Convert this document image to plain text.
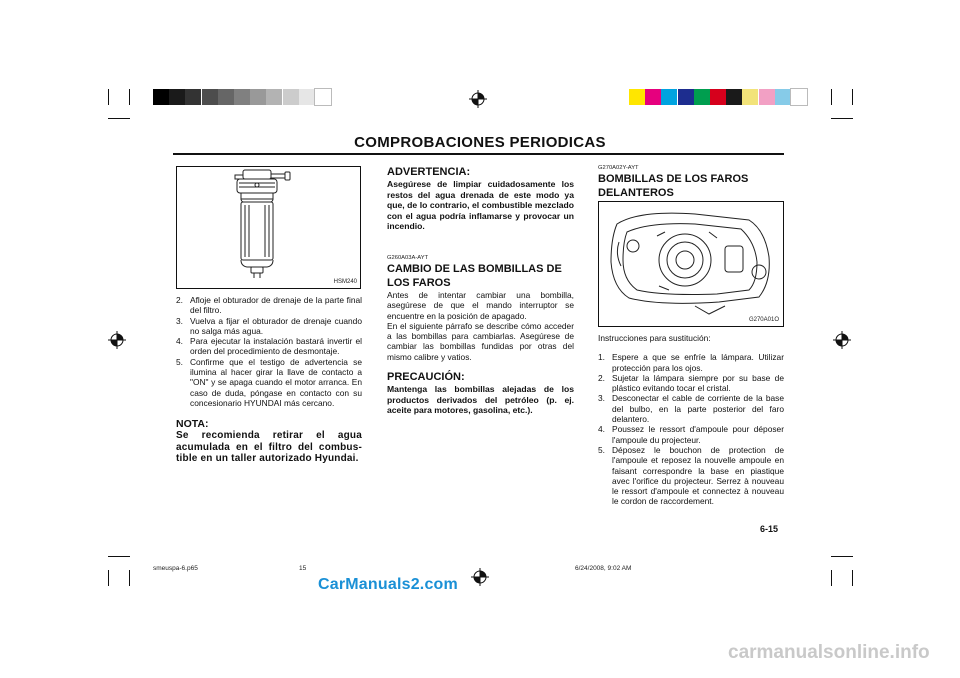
COMPROBACIONES PERIODICAS
HSM240
2. Afloje el obturador de drenaje de la parte final del filtro.
3. Vuelva a fijar el obturador de drenaje cuando no salga más agua.
4. Para ejecutar la instalación bastará invertir el orden del procedimiento de desmontaje.
5. Confirme que el testigo de advertencia se ilumina al hacer girar la llave de contacto a "ON" y se apaga cuando el motor arranca. En caso de duda, póngase en contacto con su concesionario HYUNDAI más cercano.
NOTA:
Se recomienda retirar el agua acumulada en el filtro del combus-tible en un taller autorizado Hyundai.
ADVERTENCIA:
Asegúrese de limpiar cuidadosamente los restos del agua drenada de este modo ya que, de lo contrario, el combustible mezclado con el agua podría inflamarse y provocar un incendio.
G260A03A-AYT
CAMBIO DE LAS BOMBILLAS DE LOS FAROS
Antes de intentar cambiar una bombilla, asegúrese de que el mando interruptor se encuentre en la posición de apagado.
En el siguiente párrafo se describe cómo acceder a las bombillas para cambiarlas. Asegúrese de cambiar las bombillas fundidas por otras del mismo calibre y vatios.
PRECAUCIÓN:
Mantenga las bombillas alejadas de los productos derivados del petróleo (p. ej. aceite para motores, gasolina, etc.).
G270A02Y-AYT
BOMBILLAS DE LOS FAROS DELANTEROS
G270A01O
Instrucciones para sustitución:
1. Espere a que se enfríe la lámpara. Utilizar protección para los ojos.
2. Sujetar la lámpara siempre por su base de plástico evitando tocar el cristal.
3. Desconectar el cable de corriente de la base del bulbo, en la parte posterior del faro delantero.
4. Poussez le ressort d'ampoule pour déposer l'ampoule du projecteur.
5. Déposez le bouchon de protection de l'ampoule et reposez la nouvelle ampoule en faisant correspondre la base en piastique avec l'orifice du projecteur. Serrez à nouveau le ressort d'ampoule et connectez à nouveau le cordon de raccordement.
6-15
smeuspa-6.p65	15	6/24/2008, 9:02 AM
CarManuals2.com
carmanualsonline.info
